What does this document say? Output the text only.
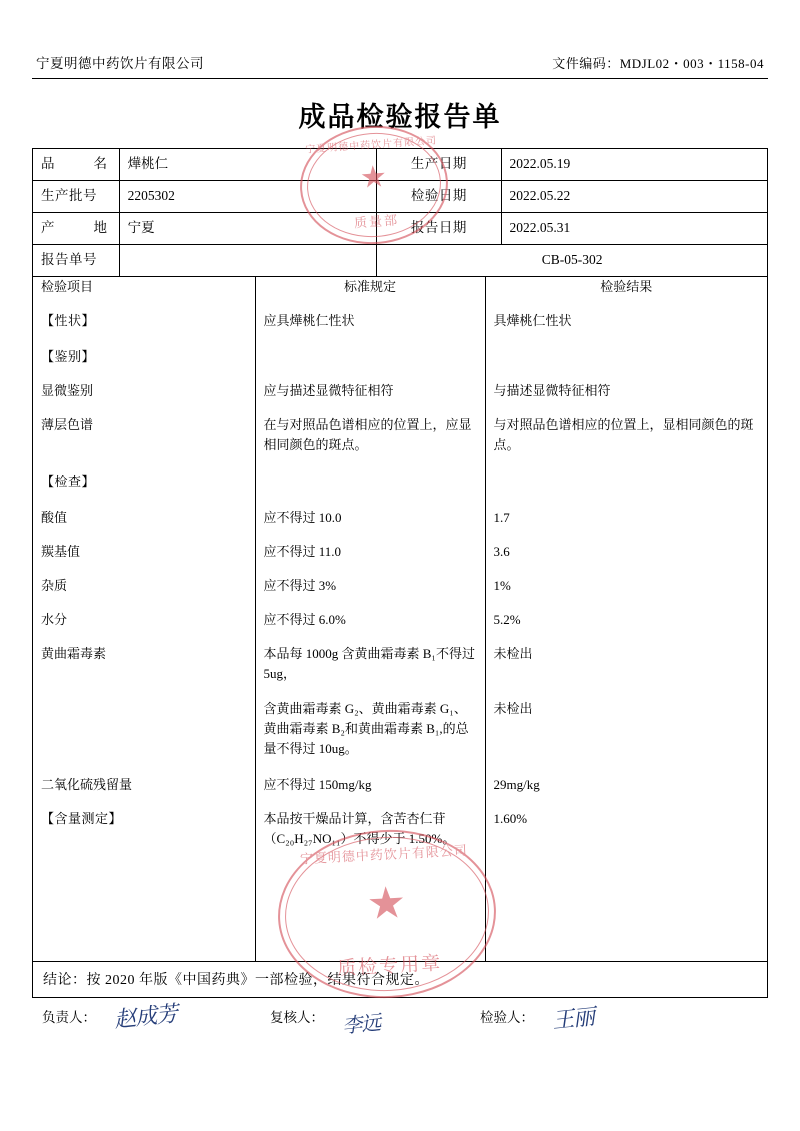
宁夏明德中药饮片有限公司	文件编码：MDJL02・003・1158-04
成品检验报告单
品　　名	燁桃仁	生产日期	2022.05.19
生产批号	2205302	检验日期	2022.05.22
产　　地	宁夏	报告日期	2022.05.31
报告单号		CB-05-302	
检验项目	标准规定	检验结果

【性状】	应具燁桃仁性状	具燁桃仁性状

【鉴别】		

显微鉴别	应与描述显微特征相符	与描述显微特征相符

薄层色谱	在与对照品色谱相应的位置上，应显相同颜色的斑点。	与对照品色谱相应的位置上，显相同颜色的斑点。

【检查】		

酸值	应不得过 10.0	1.7

羰基值	应不得过 11.0	3.6

杂质	应不得过 3%	1%

水分	应不得过 6.0%	5.2%

黄曲霜毒素	本品每 1000g 含黄曲霜毒素 B₁不得过 5ug，	未检出

	含黄曲霜毒素 G₂、黄曲霜毒素 G₁、黄曲霜毒素 B₂和黄曲霜毒素 B₁,的总量不得过 10ug。	未检出

二氧化硫残留量	应不得过 150mg/kg	29mg/kg

【含量测定】	本品按干燥品计算，含苦杏仁苷（C₂₀H₂₇NO₁₁）不得少于 1.50%。	1.60%

结论：按 2020 年版《中国药典》一部检验，结果符合规定。
负责人： 赵成芳	复核人： 李远	检验人： 王丽
宁夏明德中药饮片有限公司
★
质量部
宁夏明德中药饮片有限公司
★
质检专用章
